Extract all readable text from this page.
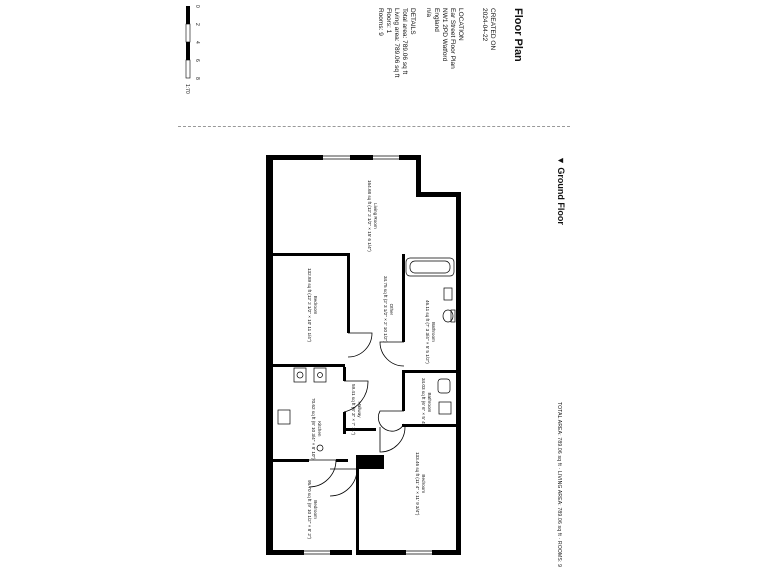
Floor Plan
CREATED ON
2024-04-22
LOCATION
Ear Street Floor Plan
NW1 2PD Watford
England
n/a
DETAILS
Total area: 789.06 sq ft
Living area: 789.06 sq ft
Floors: 1
Rooms: 9
0
2
4
6
8
1:70
▼ Ground Floor
TOTAL AREA: 789.06 sq ft · LIVING AREA: 789.06 sq ft · ROOMS: 9
Living Room
164.68 sq ft (12' 2 1/2" × 15' 6 1/4")
Other
34.75 sq ft (2' 3 1/2" × 2' 10 1/2")
Bedroom
132.89 sq ft (12' 2 1/2" × 10' 11 1/4")	Bathroom
46.11 sq ft (7' 3 3/4" × 5' 5 1/2")
Bathroom
34.03 sq ft (6' 6" × 5' 4")
Hallway
59.41 sq ft (8' 3" × 7' 11")
Kitchen
70.62 sq ft (8' 10 3/4" × 8' 10")
Bedroom
133.46 sq ft (11' 4" × 11' 9 3/4")
Bedroom
95.70 sq ft (9' 10 1/2" × 8' 2")
